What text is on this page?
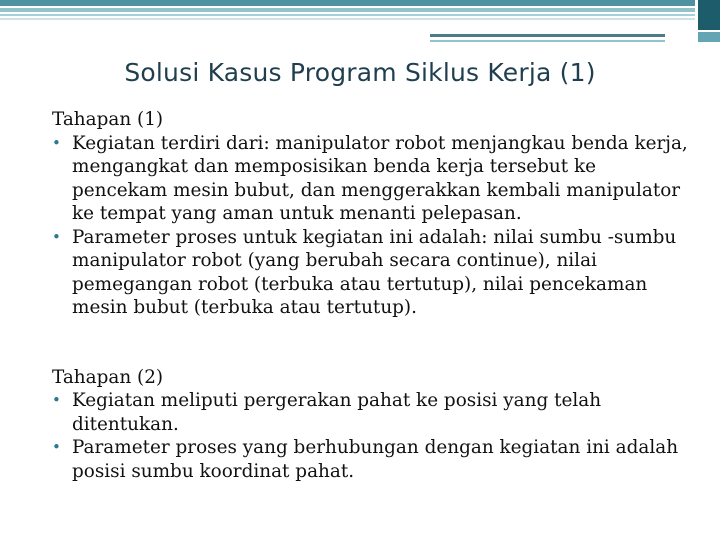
Solusi Kasus Program Siklus Kerja (1)

Tahapan (1)

• Kegiatan terdiri dari: manipulator robot menjangkau benda kerja, mengangkat dan memposisikan benda kerja tersebut ke pencekam mesin bubut, dan menggerakkan kembali manipulator ke tempat yang aman untuk menanti pelepasan.

• Parameter proses untuk kegiatan ini adalah: nilai sumbu -sumbu manipulator robot (yang berubah secara continue), nilai pemegangan robot (terbuka atau tertutup), nilai pencekaman mesin bubut (terbuka atau tertutup).

Tahapan (2)

• Kegiatan meliputi pergerakan pahat ke posisi yang telah ditentukan.

• Parameter proses yang berhubungan dengan kegiatan ini adalah posisi sumbu koordinat pahat.
